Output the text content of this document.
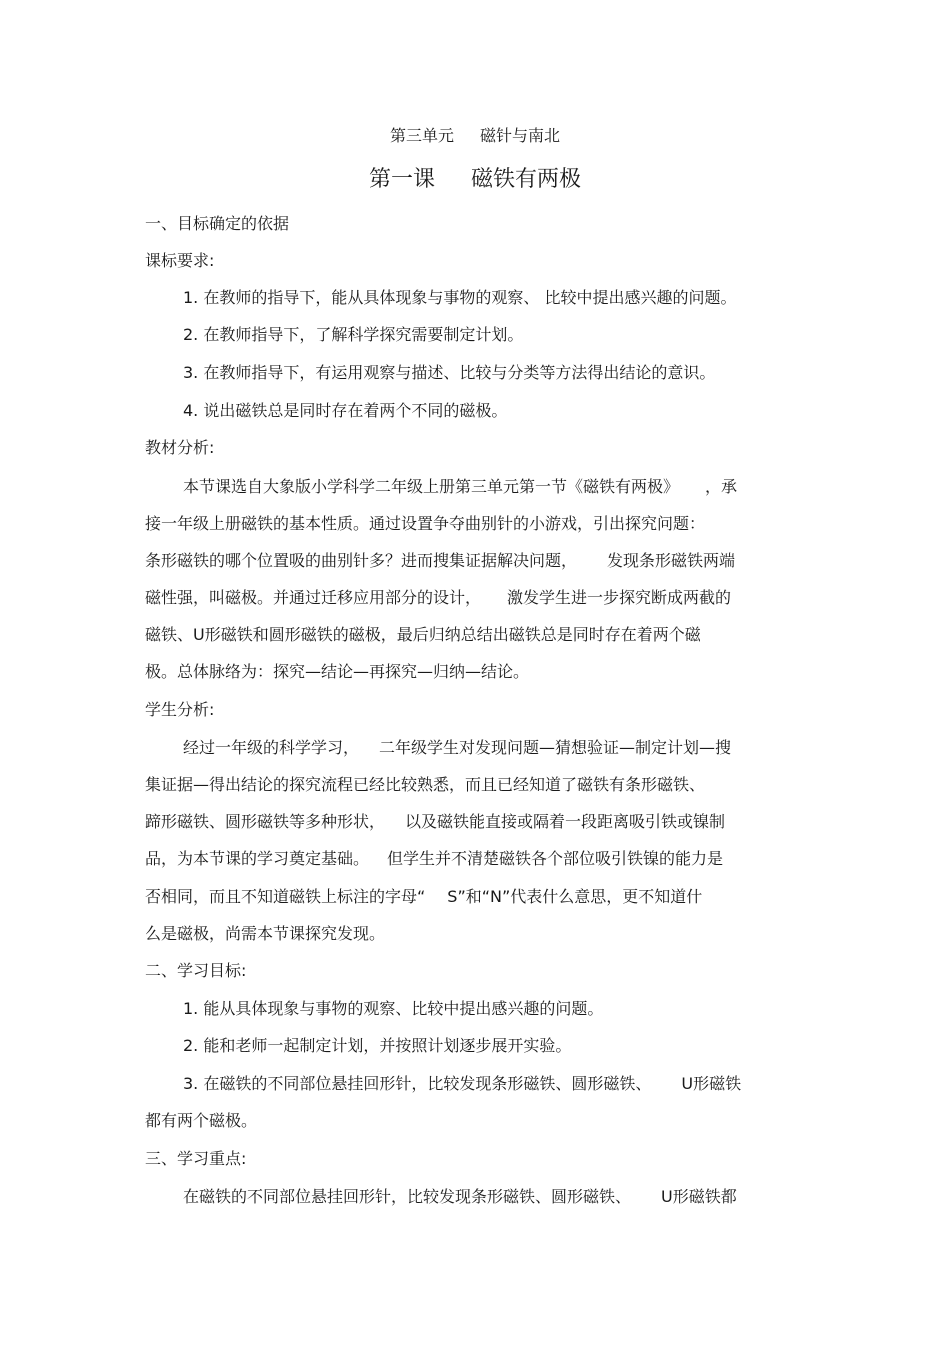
第三单元 磁针与南北
第一课 磁铁有两极
一、目标确定的依据
课标要求:
1. 在教师的指导下，能从具体现象与事物的观察、 比较中提出感兴趣的问题。
2. 在教师指导下，了解科学探究需要制定计划。
3. 在教师指导下，有运用观察与描述、比较与分类等方法得出结论的意识。
4. 说出磁铁总是同时存在着两个不同的磁极。
教材分析:
本节课选自大象版小学科学二年级上册第三单元第一节《磁铁有两极》 ，承
接一年级上册磁铁的基本性质。通过设置争夺曲别针的小游戏，引出探究问题：
条形磁铁的哪个位置吸的曲别针多？进而搜集证据解决问题， 发现条形磁铁两端
磁性强，叫磁极。并通过迁移应用部分的设计， 激发学生进一步探究断成两截的
磁铁、U形磁铁和圆形磁铁的磁极，最后归纳总结出磁铁总是同时存在着两个磁
极。总体脉络为：探究—结论—再探究—归纳—结论。
学生分析:
经过一年级的科学学习， 二年级学生对发现问题—猜想验证—制定计划—搜
集证据—得出结论的探究流程已经比较熟悉，而且已经知道了磁铁有条形磁铁、
蹄形磁铁、圆形磁铁等多种形状， 以及磁铁能直接或隔着一段距离吸引铁或镍制
品，为本节课的学习奠定基础。 但学生并不清楚磁铁各个部位吸引铁镍的能力是
否相同，而且不知道磁铁上标注的字母“ S”和“N”代表什么意思，更不知道什
么是磁极，尚需本节课探究发现。
二、学习目标:
1. 能从具体现象与事物的观察、比较中提出感兴趣的问题。
2. 能和老师一起制定计划，并按照计划逐步展开实验。
3. 在磁铁的不同部位悬挂回形针，比较发现条形磁铁、圆形磁铁、 U形磁铁
都有两个磁极。
三、学习重点:
在磁铁的不同部位悬挂回形针，比较发现条形磁铁、圆形磁铁、 U形磁铁都
